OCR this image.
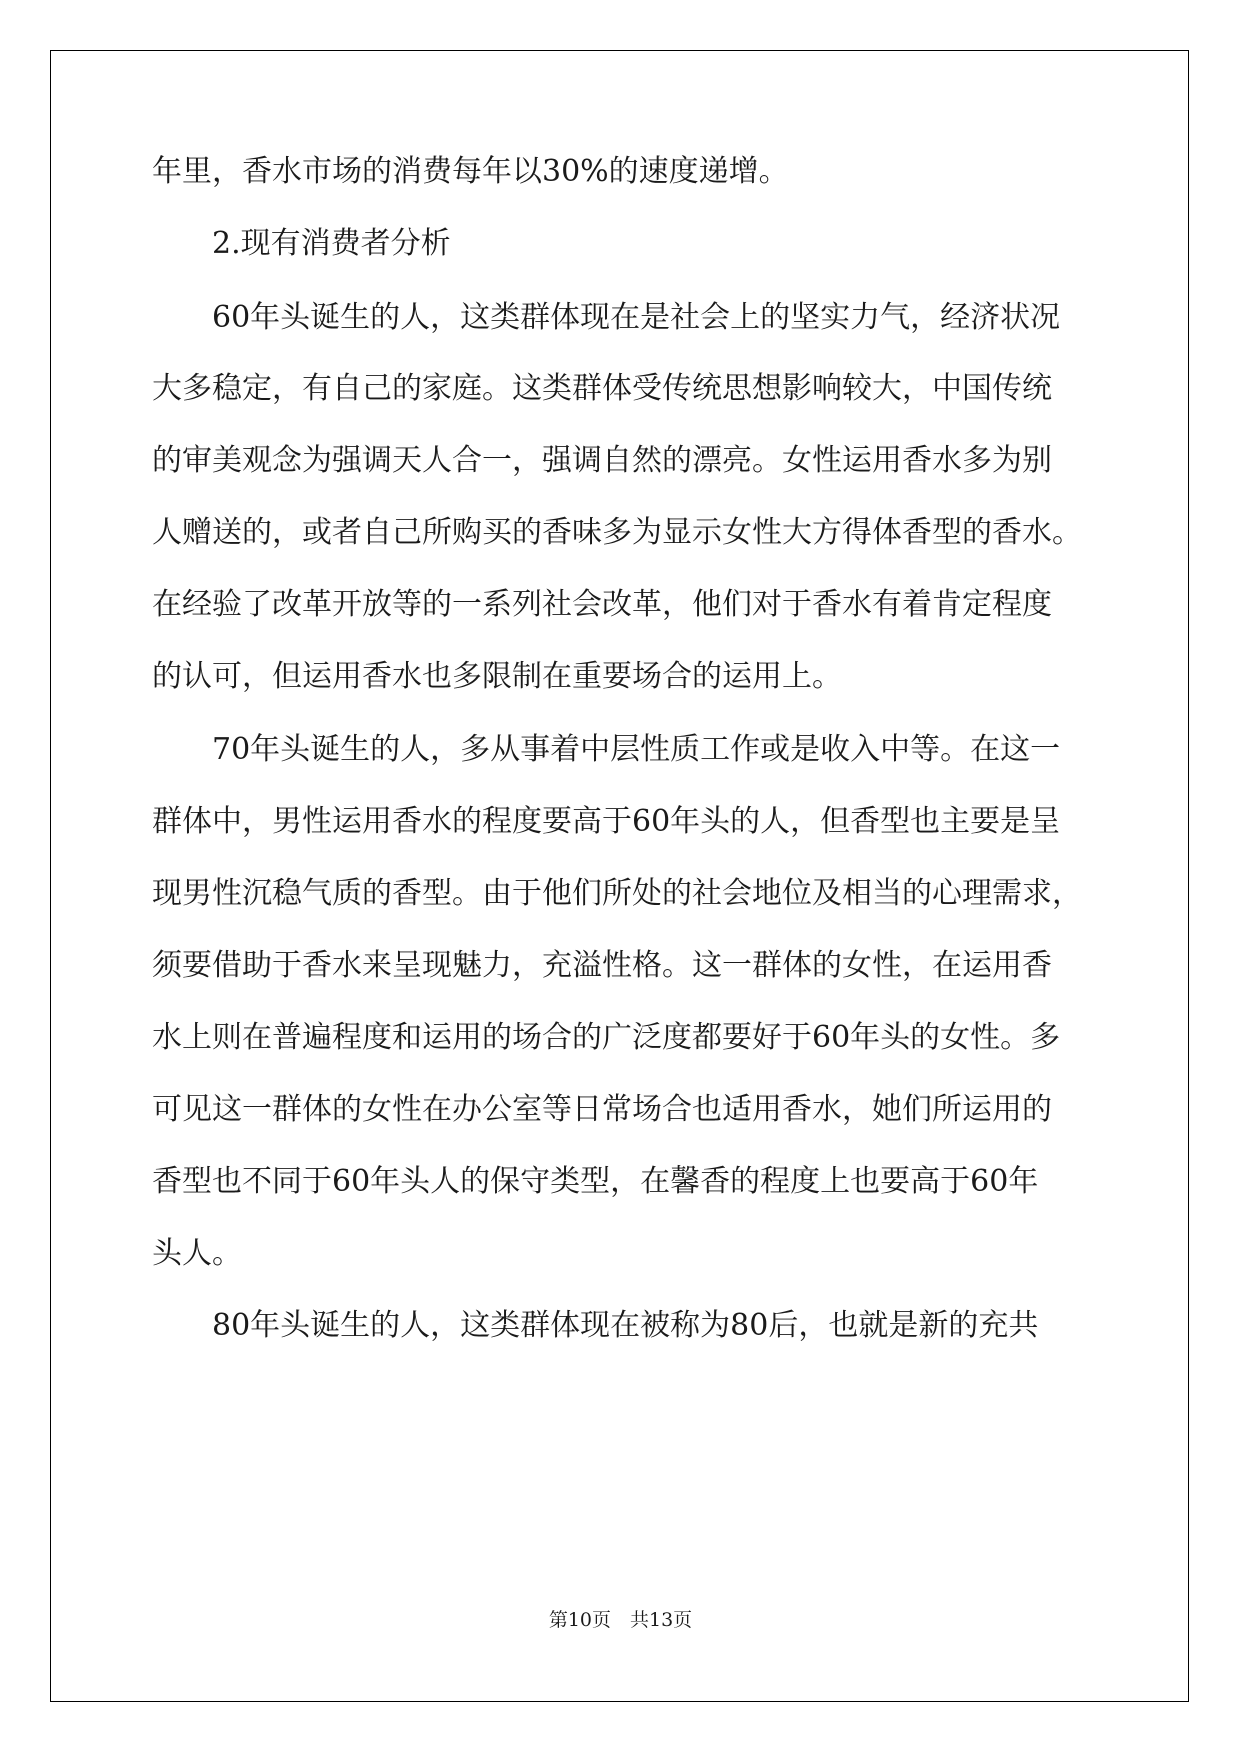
年里，香水市场的消费每年以30%的速度递增。
2.现有消费者分析
60年头诞生的人，这类群体现在是社会上的坚实力气，经济状况
大多稳定，有自己的家庭。这类群体受传统思想影响较大，中国传统
的审美观念为强调天人合一，强调自然的漂亮。女性运用香水多为别
人赠送的，或者自己所购买的香味多为显示女性大方得体香型的香水。
在经验了改革开放等的一系列社会改革，他们对于香水有着肯定程度
的认可，但运用香水也多限制在重要场合的运用上。
70年头诞生的人，多从事着中层性质工作或是收入中等。在这一
群体中，男性运用香水的程度要高于60年头的人，但香型也主要是呈
现男性沉稳气质的香型。由于他们所处的社会地位及相当的心理需求，
须要借助于香水来呈现魅力，充溢性格。这一群体的女性，在运用香
水上则在普遍程度和运用的场合的广泛度都要好于60年头的女性。多
可见这一群体的女性在办公室等日常场合也适用香水，她们所运用的
香型也不同于60年头人的保守类型，在馨香的程度上也要高于60年
头人。
80年头诞生的人，这类群体现在被称为80后，也就是新的充共
第10页　共13页
